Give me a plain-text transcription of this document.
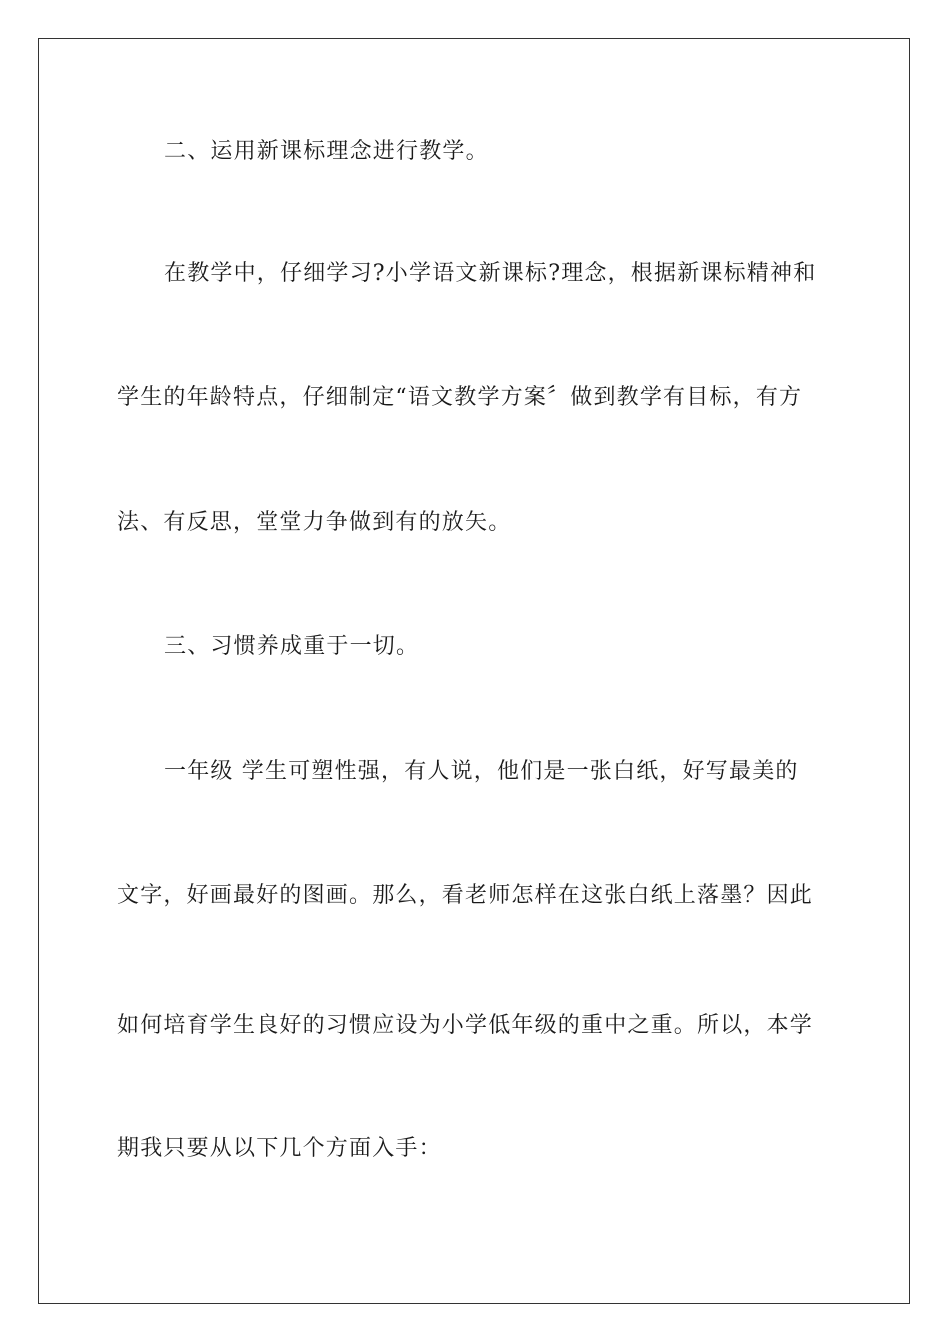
二、运用新课标理念进行教学。
在教学中，仔细学习?小学语文新课标?理念，根据新课标精神和
学生的年龄特点，仔细制定“语文教学方案〞做到教学有目标，有方
法、有反思，堂堂力争做到有的放矢。
三、习惯养成重于一切。
一年级 学生可塑性强，有人说，他们是一张白纸，好写最美的
文字，好画最好的图画。那么，看老师怎样在这张白纸上落墨？因此
如何培育学生良好的习惯应设为小学低年级的重中之重。所以，本学
期我只要从以下几个方面入手：
